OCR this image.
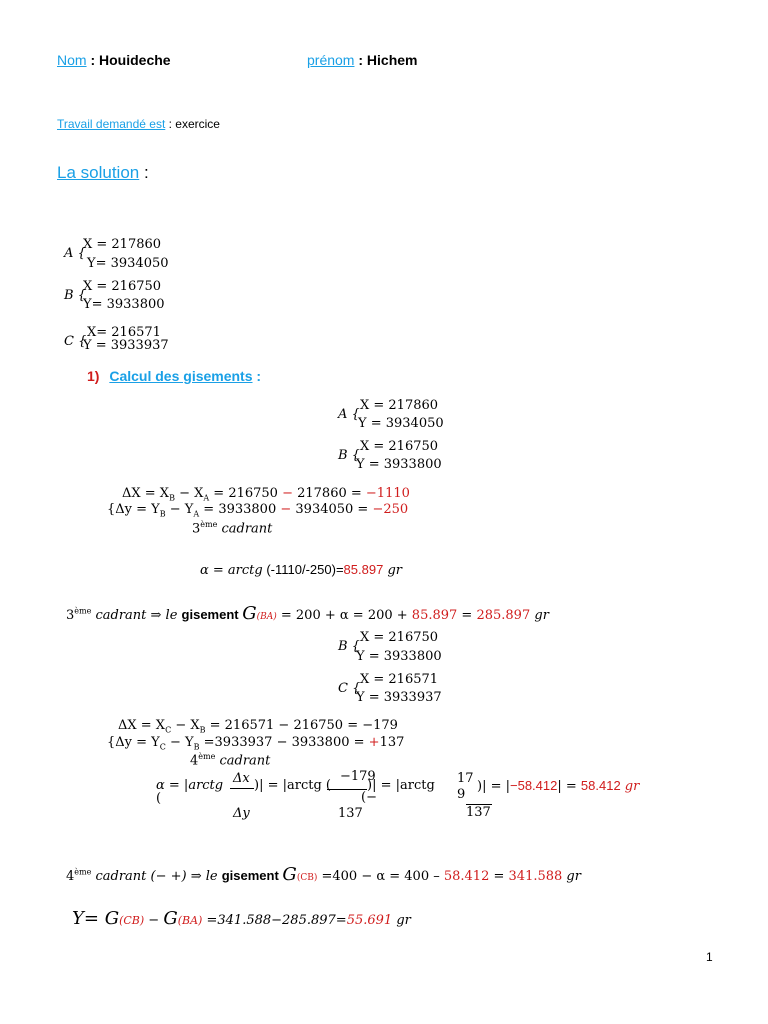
Nom : Houideche	prénom : Hichem
Travail demandé est : exercice
La solution :
A {
X = 217860
Y= 3934050
B {
X = 216750
Y= 3933800
C {
X= 216571
Y = 3933937
1) Calcul des gisements :
A {
X = 217860
Y = 3934050
B {
X = 216750
Y = 3933800
$\Delta X = X_B - X_A = 216750 - 217860 = -1110$
{$\Delta y = Y_B - Y_A = 3933800 - 3934050 = -250$
3ème cadrant
α = arctg (-1110/-250)=85.897 gr
3ème cadrant ⇒ le gisement G(BA) = 200 + α = 200 + 85.897 = 285.897 gr
B {
X = 216750
Y = 3933800
C {
X = 216571
Y = 3933937
$\Delta X = X_C - X_B = 216571 - 216750 = -179$
{$\Delta y = Y_C - Y_B =3933937 - 3933800 = +137$
4ème cadrant
α = |arctg
(
Δx
Δy
)| = |arctg (
−179
137
(−
)| = |arctg 17
9
137
)| = |−58.412| = 58.412 gr
4ème cadrant (− +) ⇒ le gisement G(CB) =400 − α = 400 – 58.412 = 341.588 gr
Y= G(CB) − G(BA) =341.588−285.897=55.691 gr
1
